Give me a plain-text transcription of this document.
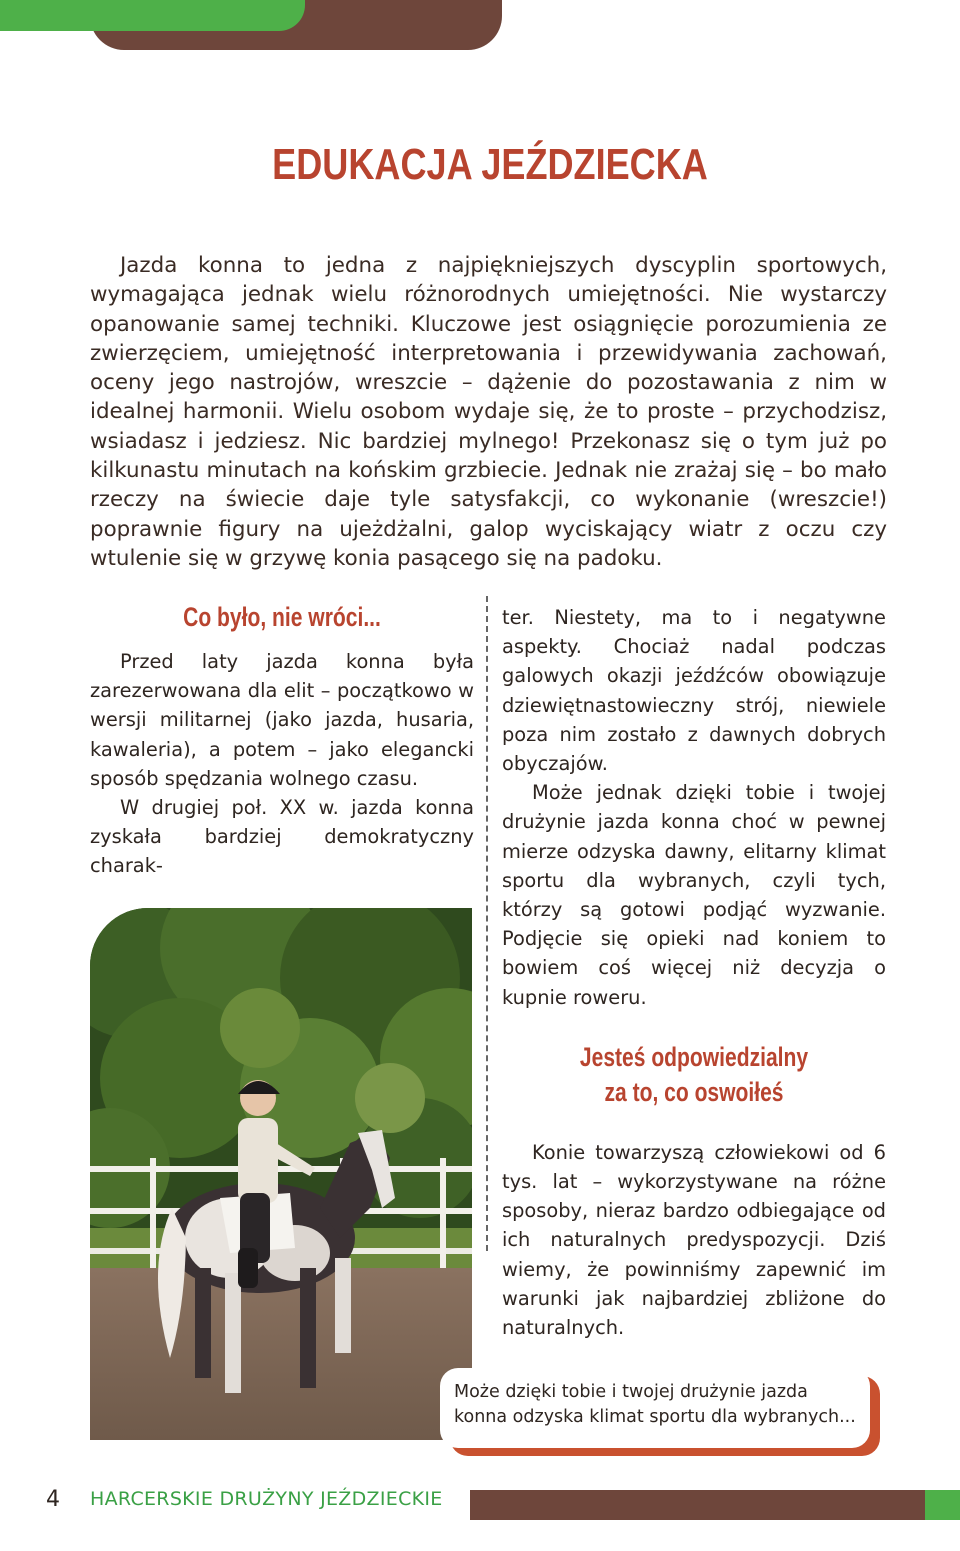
EDUKACJA JEŹDZIECKA

Jazda konna to jedna z najpiękniejszych dyscyplin sportowych, wymagająca jednak wielu różnorodnych umiejętności. Nie wystarczy opanowanie samej techniki. Kluczowe jest osiągnięcie porozumienia ze zwierzęciem, umiejętność interpretowania i przewidywania zachowań, oceny jego nastrojów, wreszcie – dążenie do pozostawania z nim w idealnej harmonii. Wielu osobom wydaje się, że to proste – przychodzisz, wsiadasz i jedziesz. Nic bardziej mylnego! Przekonasz się o tym już po kilkunastu minutach na końskim grzbiecie. Jednak nie zrażaj się – bo mało rzeczy na świecie daje tyle satysfakcji, co wykonanie (wreszcie!) poprawnie figury na ujeżdżalni, galop wyciskający wiatr z oczu czy wtulenie się w grzywę konia pasącego się na padoku.

Co było, nie wróci...

Przed laty jazda konna była zarezerwowana dla elit – początkowo w wersji militarnej (jako jazda, husaria, kawaleria), a potem – jako elegancki sposób spędzania wolnego czasu.

W drugiej poł. XX w. jazda konna zyskała bardziej demokratyczny charak-

ter. Niestety, ma to i negatywne aspekty. Chociaż nadal podczas galowych okazji jeźdźców obowiązuje dziewiętnastowieczny strój, niewiele poza nim zostało z dawnych dobrych obyczajów.

Może jednak dzięki tobie i twojej drużynie jazda konna choć w pewnej mierze odzyska dawny, elitarny klimat sportu dla wybranych, czyli tych, którzy są gotowi podjąć wyzwanie. Podjęcie się opieki nad koniem to bowiem coś więcej niż decyzja o kupnie roweru.

Jesteś odpowiedzialny
za to, co oswoiłeś

Konie towarzyszą człowiekowi od 6 tys. lat – wykorzystywane na różne sposoby, nieraz bardzo odbiegające od ich naturalnych predyspozycji. Dziś wiemy, że powinniśmy zapewnić im warunki jak najbardziej zbliżone do naturalnych.

Może dzięki tobie i twojej drużynie jazda konna odzyska klimat sportu dla wybranych...
4 HARCERSKIE DRUŻYNY JEŹDZIECKIE
